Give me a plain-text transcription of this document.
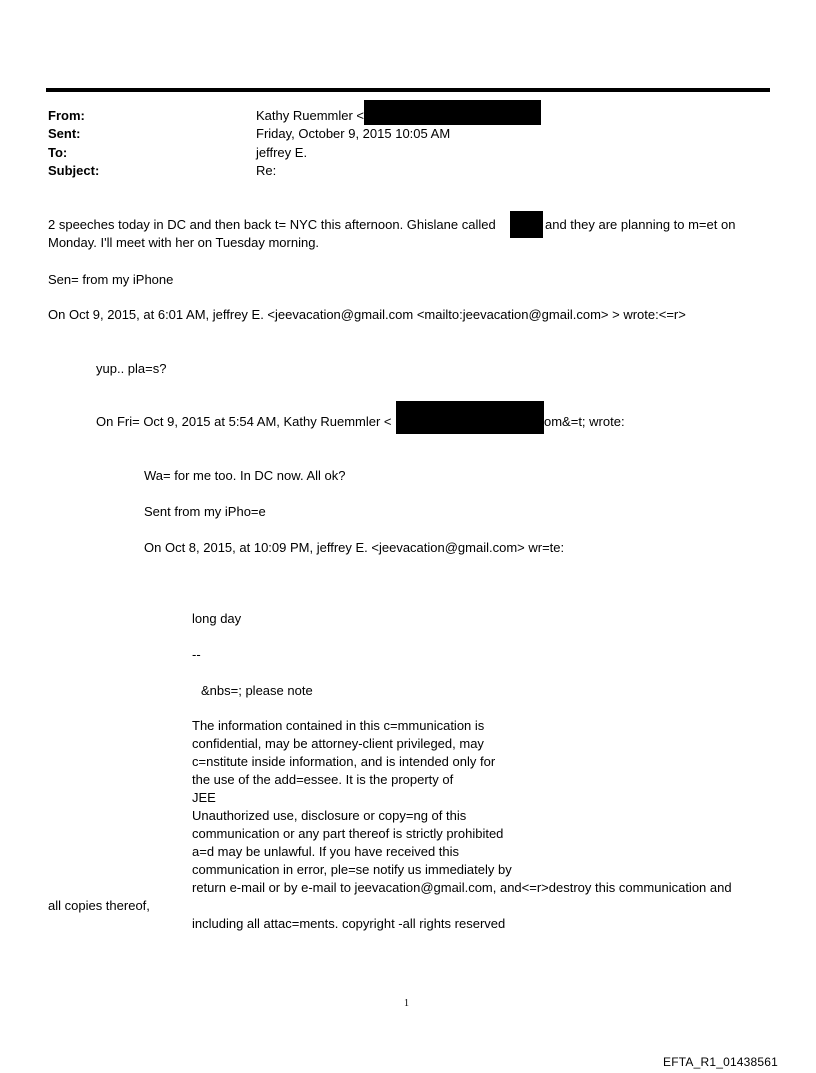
From:	Kathy Ruemmler <
Sent:	Friday, October 9, 2015 10:05 AM
To:	jeffrey E.
Subject:	Re:
2 speeches today in DC and then back t= NYC this afternoon. Ghislane called	and they are planning to m=et on
Monday. I'll meet with her on Tuesday morning.
Sen= from my iPhone
On Oct 9, 2015, at 6:01 AM, jeffrey E. <jeevacation@gmail.com <mailto:jeevacation@gmail.com> > wrote:<=r>
yup.. pla=s?
On Fri= Oct 9, 2015 at 5:54 AM, Kathy Ruemmler <	om&=t; wrote:
Wa= for me too. In DC now. All ok?
Sent from my iPho=e
On Oct 8, 2015, at 10:09 PM, jeffrey E. <jeevacation@gmail.com> wr=te:
long day
--
&nbs=; please note
The information contained in this c=mmunication is
confidential, may be attorney-client privileged, may
c=nstitute inside information, and is intended only for
the use of the add=essee. It is the property of
JEE
Unauthorized use, disclosure or copy=ng of this
communication or any part thereof is strictly prohibited
a=d may be unlawful. If you have received this
communication in error, ple=se notify us immediately by
return e-mail or by e-mail to jeevacation@gmail.com, and<=r>destroy this communication and
all copies thereof,
including all attac=ments. copyright -all rights reserved
1
EFTA_R1_01438561
